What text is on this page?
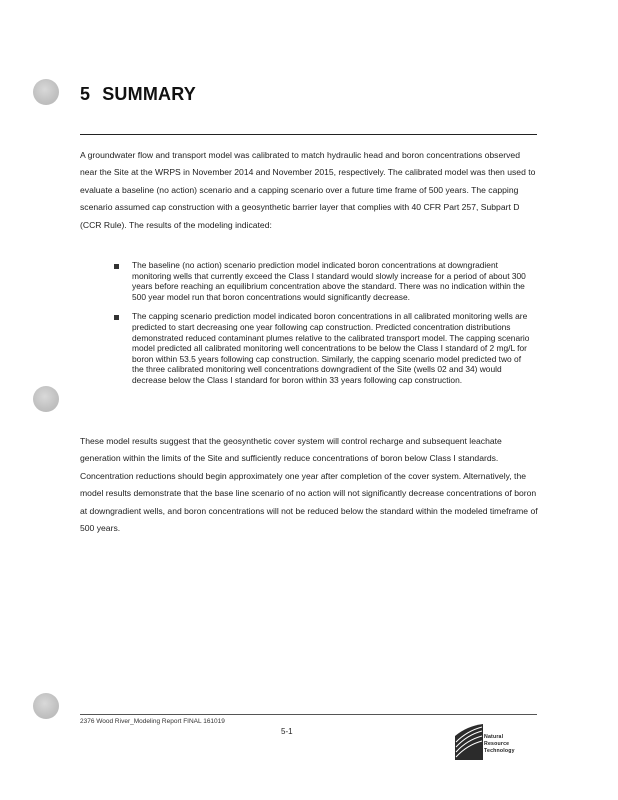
5 SUMMARY
A groundwater flow and transport model was calibrated to match hydraulic head and boron concentrations observed near the Site at the WRPS in November 2014 and November 2015, respectively. The calibrated model was then used to evaluate a baseline (no action) scenario and a capping scenario over a future time frame of 500 years. The capping scenario assumed cap construction with a geosynthetic barrier layer that complies with 40 CFR Part 257, Subpart D (CCR Rule). The results of the modeling indicated:
The baseline (no action) scenario prediction model indicated boron concentrations at downgradient monitoring wells that currently exceed the Class I standard would slowly increase for a period of about 300 years before reaching an equilibrium concentration above the standard. There was no indication within the 500 year model run that boron concentrations would significantly decrease.
The capping scenario prediction model indicated boron concentrations in all calibrated monitoring wells are predicted to start decreasing one year following cap construction. Predicted concentration distributions demonstrated reduced contaminant plumes relative to the calibrated transport model. The capping scenario model predicted all calibrated monitoring well concentrations to be below the Class I standard of 2 mg/L for boron within 53.5 years following cap construction. Similarly, the capping scenario model predicted two of the three calibrated monitoring well concentrations downgradient of the Site (wells 02 and 34) would decrease below the Class I standard for boron within 33 years following cap construction.
These model results suggest that the geosynthetic cover system will control recharge and subsequent leachate generation within the limits of the Site and sufficiently reduce concentrations of boron below Class I standards. Concentration reductions should begin approximately one year after completion of the cover system. Alternatively, the model results demonstrate that the base line scenario of no action will not significantly decrease concentrations of boron at downgradient wells, and boron concentrations will not be reduced below the standard within the modeled timeframe of 500 years.
2376 Wood River_Modeling Report FINAL 161019
5-1
Natural
Resource
Technology
